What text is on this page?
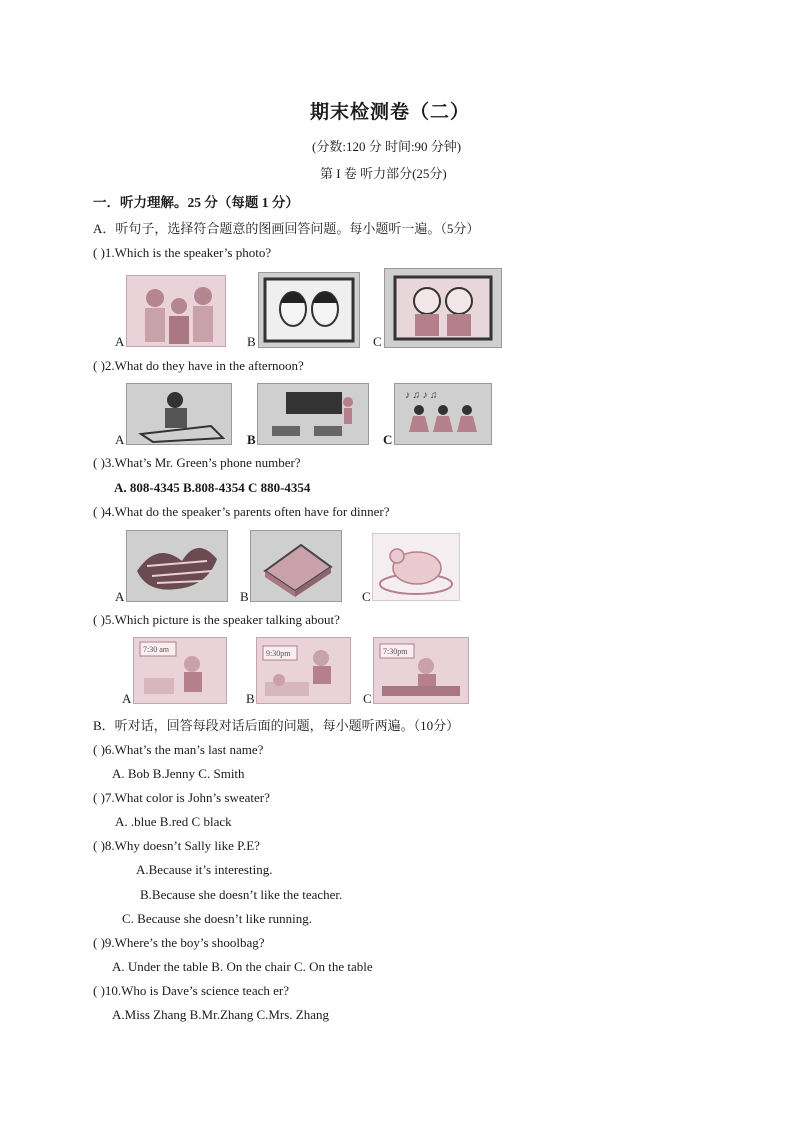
期末检测卷（二）
(分数:120 分 时间:90 分钟)
第 I 卷 听力部分(25分)
一．听力理解。25 分（每题 1 分）
A．听句子，选择符合题意的图画回答问题。每小题听一遍。（5分）
( )1.Which is the speaker’s photo?
A	B	C
( )2.What do they have in the afternoon?
A	B	C
♪ ♫ ♪ ♫
( )3.What’s Mr. Green’s phone number?
A. 808-4345 B.808-4354 C 880-4354
( )4.What do the speaker’s parents often have for dinner?
A	B	C
( )5.Which picture is the speaker talking about?
A
7:30 am
B
9:30pm
C
7:30pm
B．听对话，回答每段对话后面的问题，每小题听两遍。（10分）
( )6.What’s the man’s last name?
A. Bob B.Jenny C. Smith
( )7.What color is John’s sweater?
A. .blue B.red C black
( )8.Why doesn’t Sally like P.E?
A.Because it’s interesting.
B.Because she doesn’t like the teacher.
C. Because she doesn’t like running.
( )9.Where’s the boy’s shoolbag?
A. Under the table B. On the chair C. On the table
( )10.Who is Dave’s science teach er?
A.Miss Zhang B.Mr.Zhang C.Mrs. Zhang
